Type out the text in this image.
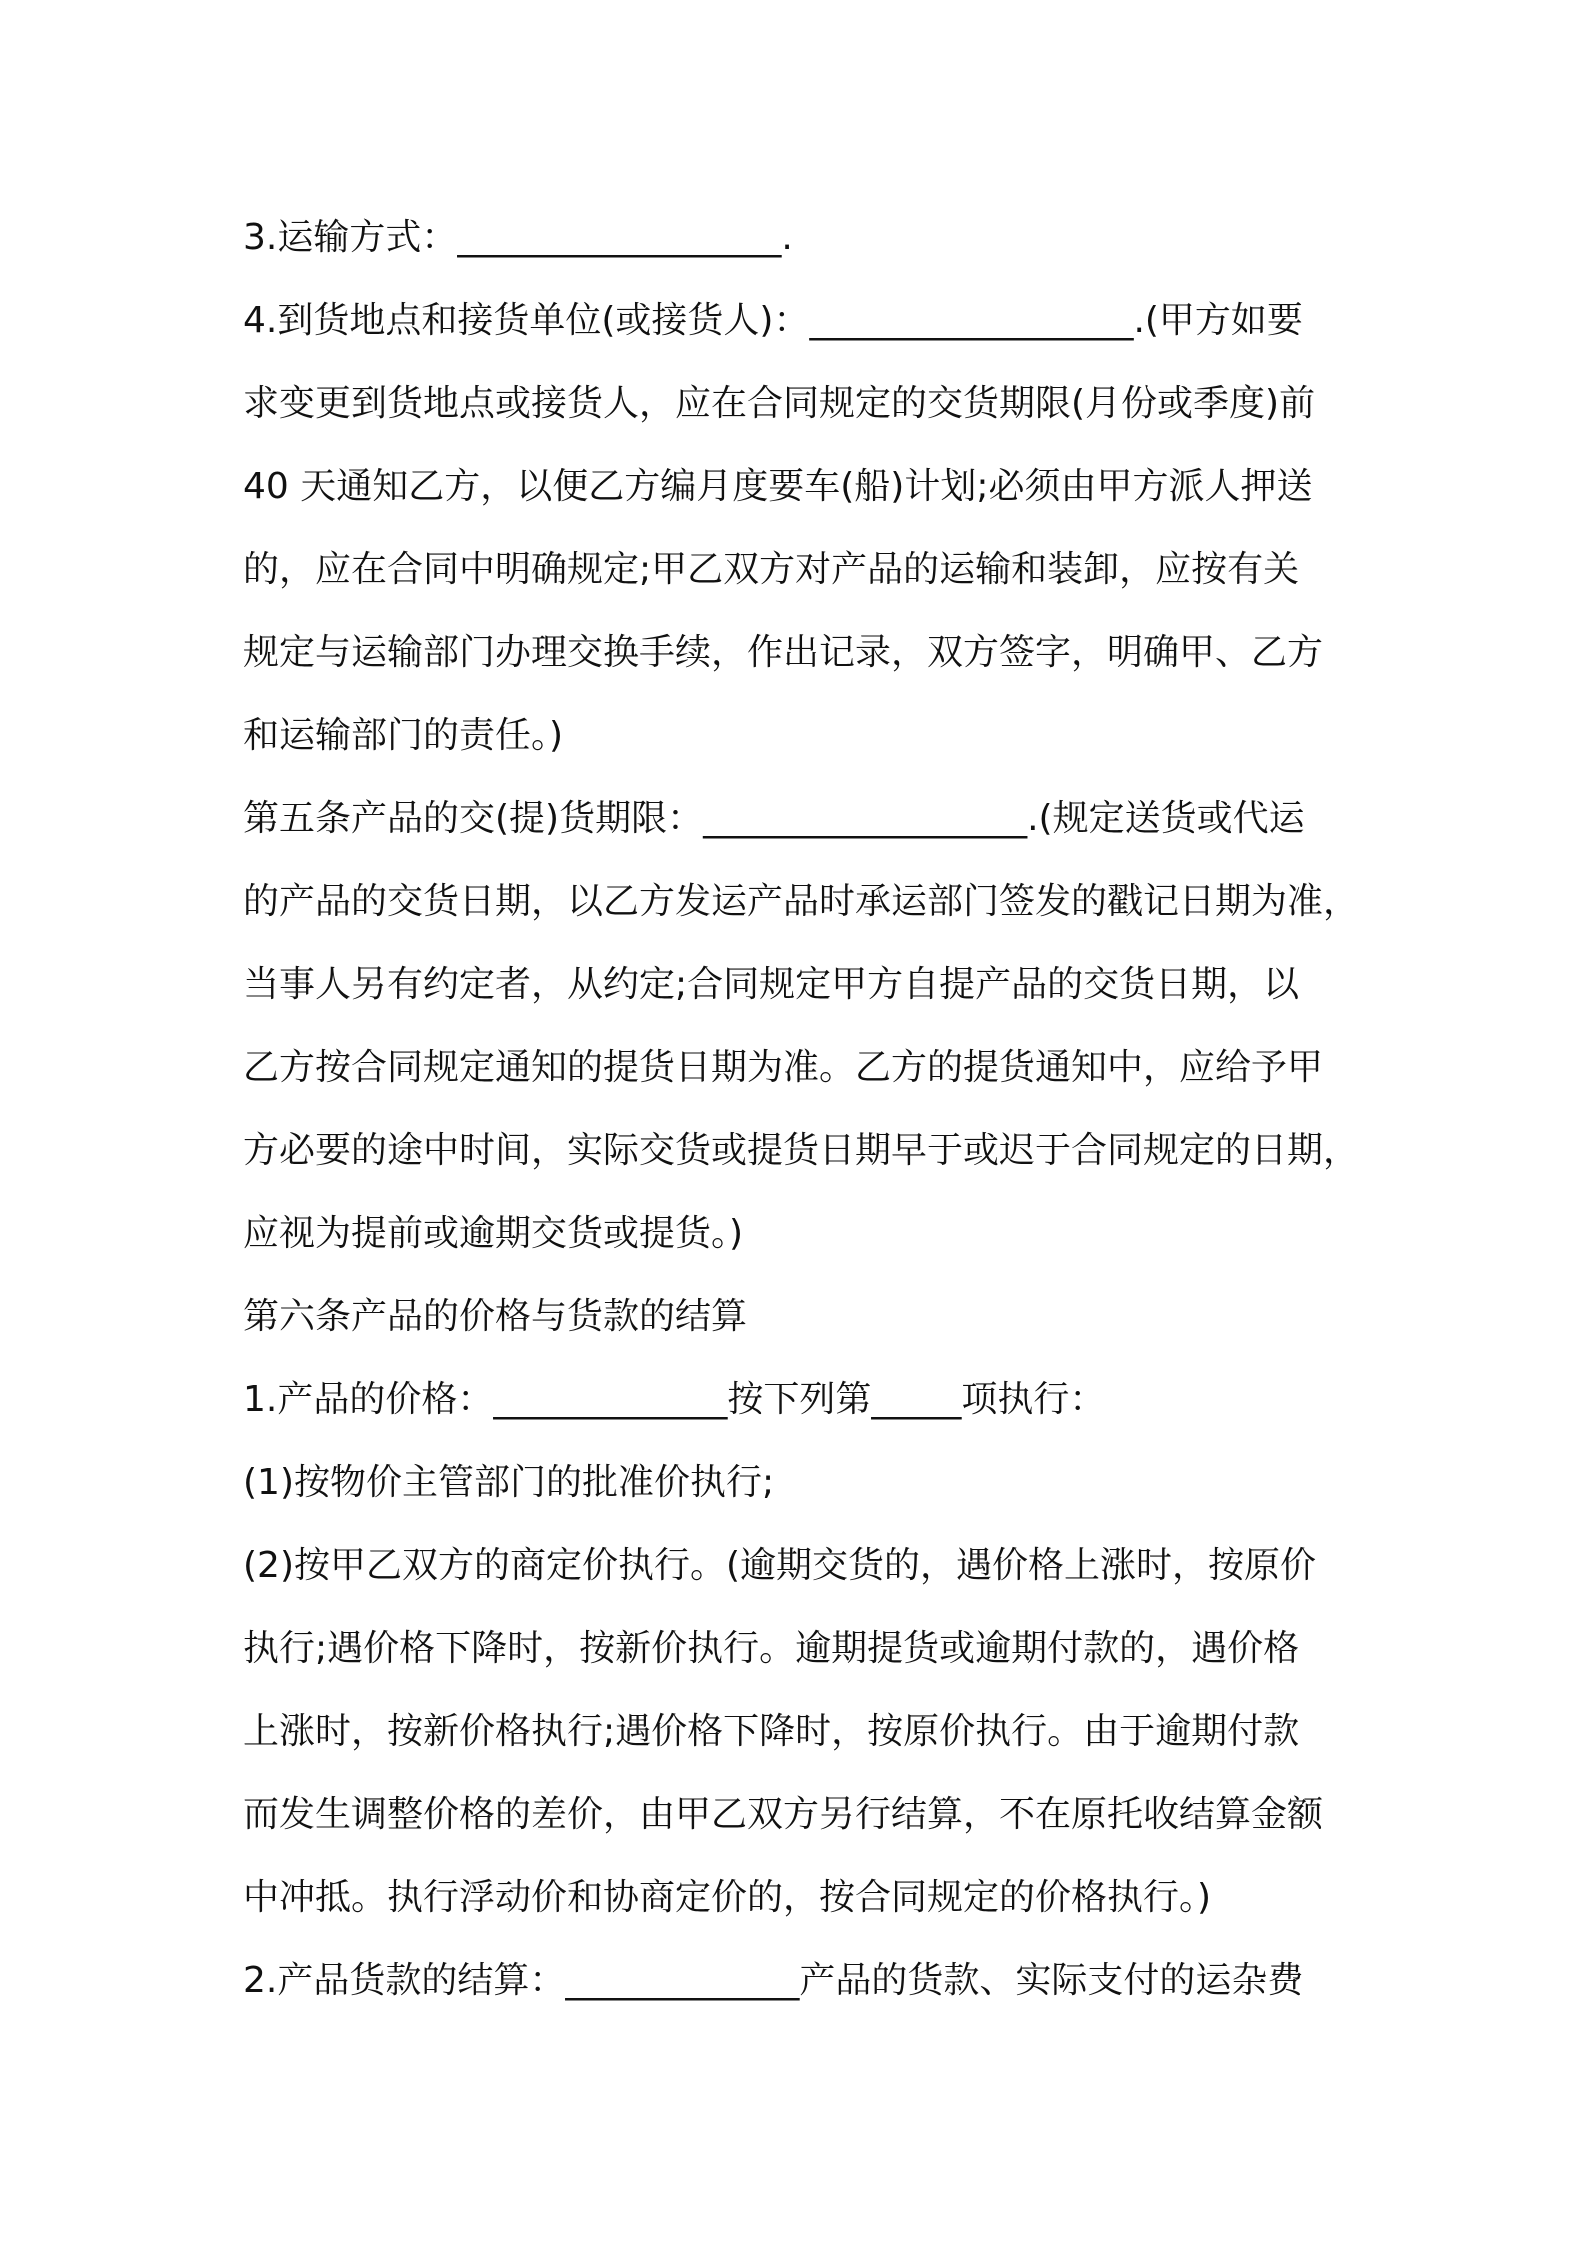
3.运输方式：__________________.
4.到货地点和接货单位(或接货人)：__________________.(甲方如要
求变更到货地点或接货人，应在合同规定的交货期限(月份或季度)前
40 天通知乙方，以便乙方编月度要车(船)计划;必须由甲方派人押送
的，应在合同中明确规定;甲乙双方对产品的运输和装卸，应按有关
规定与运输部门办理交换手续，作出记录，双方签字，明确甲、乙方
和运输部门的责任。)
第五条产品的交(提)货期限：__________________.(规定送货或代运
的产品的交货日期，以乙方发运产品时承运部门签发的戳记日期为准，
当事人另有约定者，从约定;合同规定甲方自提产品的交货日期，以
乙方按合同规定通知的提货日期为准。乙方的提货通知中，应给予甲
方必要的途中时间，实际交货或提货日期早于或迟于合同规定的日期，
应视为提前或逾期交货或提货。)
第六条产品的价格与货款的结算
1.产品的价格：_____________按下列第_____项执行：
(1)按物价主管部门的批准价执行;
(2)按甲乙双方的商定价执行。(逾期交货的，遇价格上涨时，按原价
执行;遇价格下降时，按新价执行。逾期提货或逾期付款的，遇价格
上涨时，按新价格执行;遇价格下降时，按原价执行。由于逾期付款
而发生调整价格的差价，由甲乙双方另行结算，不在原托收结算金额
中冲抵。执行浮动价和协商定价的，按合同规定的价格执行。)
2.产品货款的结算：_____________产品的货款、实际支付的运杂费
